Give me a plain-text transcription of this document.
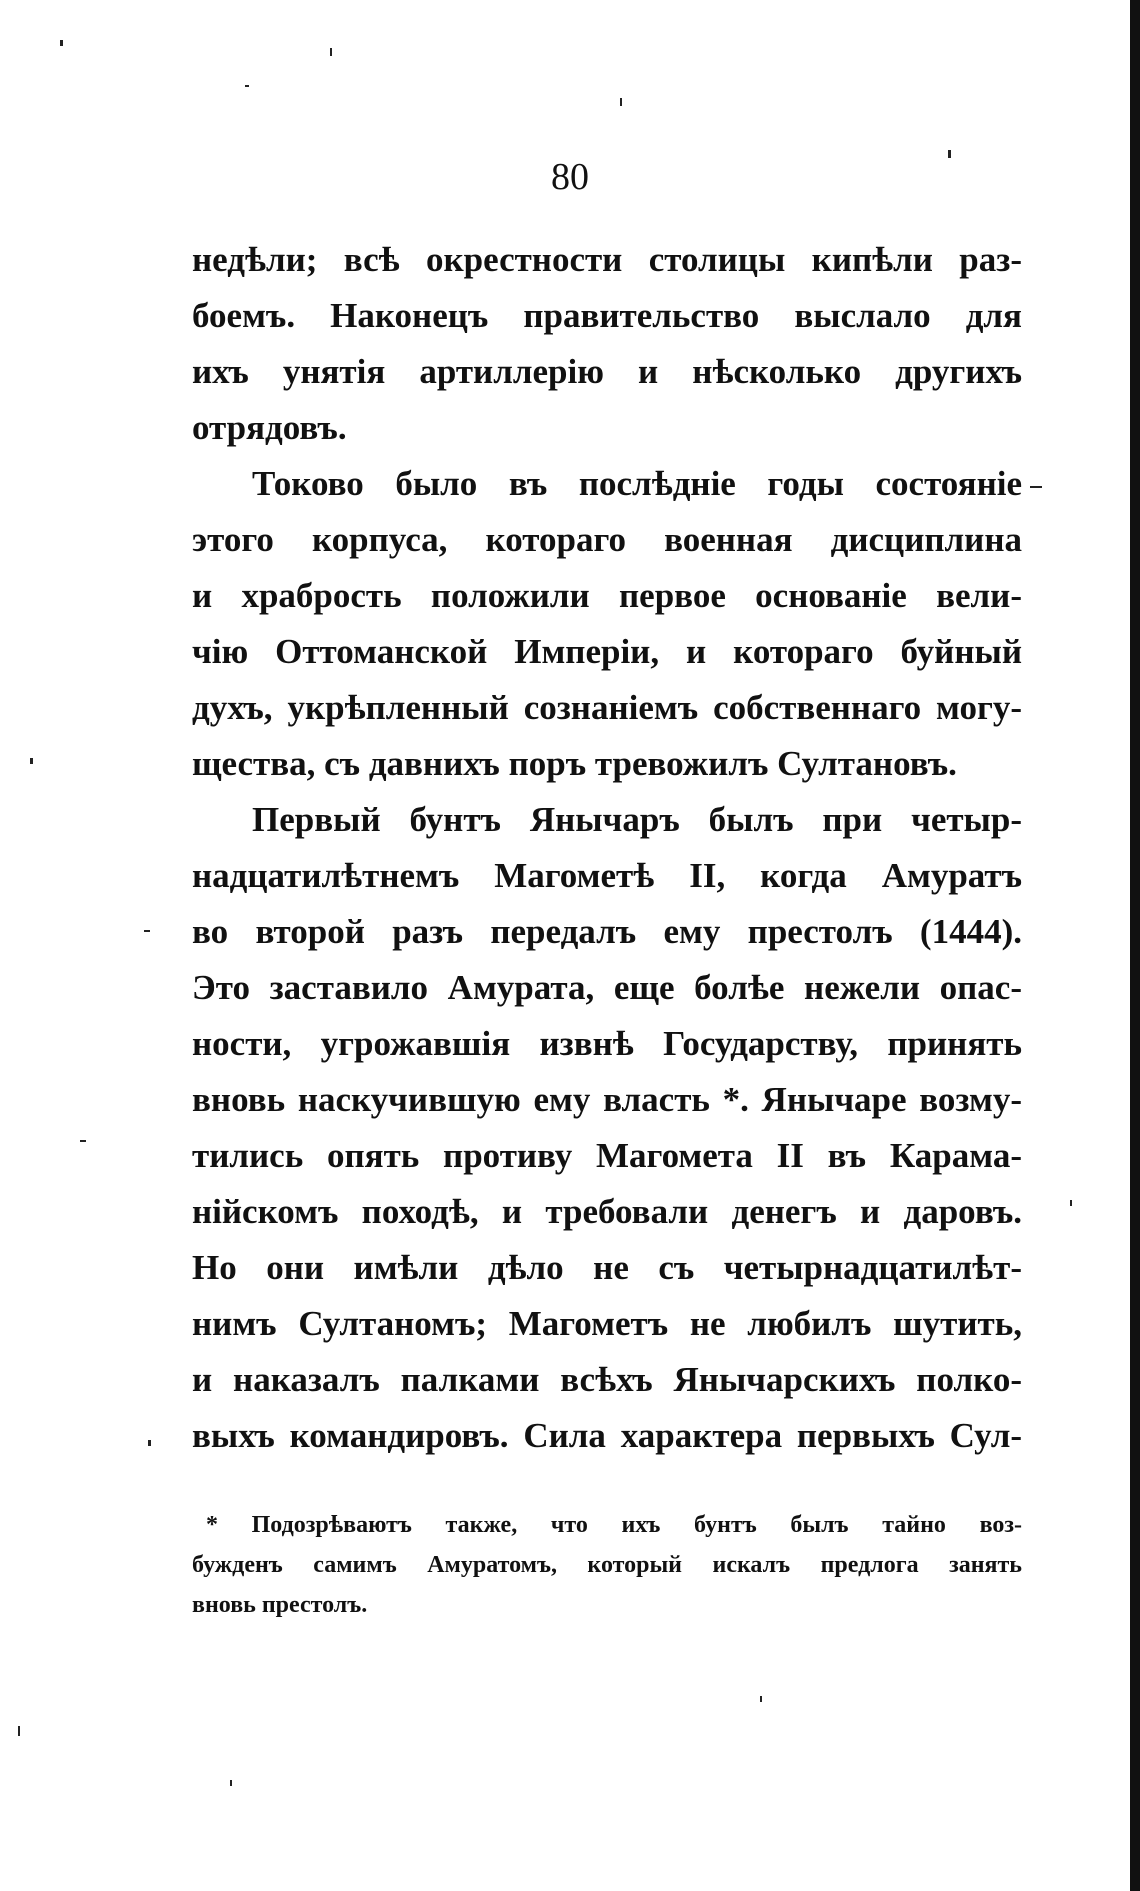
80
недѣли; всѣ окрестности столицы кипѣли раз-
боемъ. Наконецъ правительство выслало для
ихъ унятія артиллерію и нѣсколько другихъ
отрядовъ.
Токово было въ послѣдніе годы состояніе
этого корпуса, котораго военная дисциплина
и храбрость положили первое основаніе вели-
чію Оттоманской Имперіи, и котораго буйный
духъ, укрѣпленный сознаніемъ собственнаго могу-
щества, съ давнихъ поръ тревожилъ Султановъ.
Первый бунтъ Янычаръ былъ при четыр-
надцатилѣтнемъ Магометѣ II, когда Амуратъ
во второй разъ передалъ ему престолъ (1444).
Это заставило Амурата, еще болѣе нежели опас-
ности, угрожавшія извнѣ Государству, принять
вновь наскучившую ему власть *. Янычаре возму-
тились опять противу Магомета II въ Карама-
нійскомъ походѣ, и требовали денегъ и даровъ.
Но они имѣли дѣло не съ четырнадцатилѣт-
нимъ Султаномъ; Магометъ не любилъ шутить,
и наказалъ палками всѣхъ Янычарскихъ полко-
выхъ командировъ. Сила характера первыхъ Сул-
* Подозрѣваютъ также, что ихъ бунтъ былъ тайно воз-
бужденъ самимъ Амуратомъ, который искалъ предлога занять
вновь престолъ.
